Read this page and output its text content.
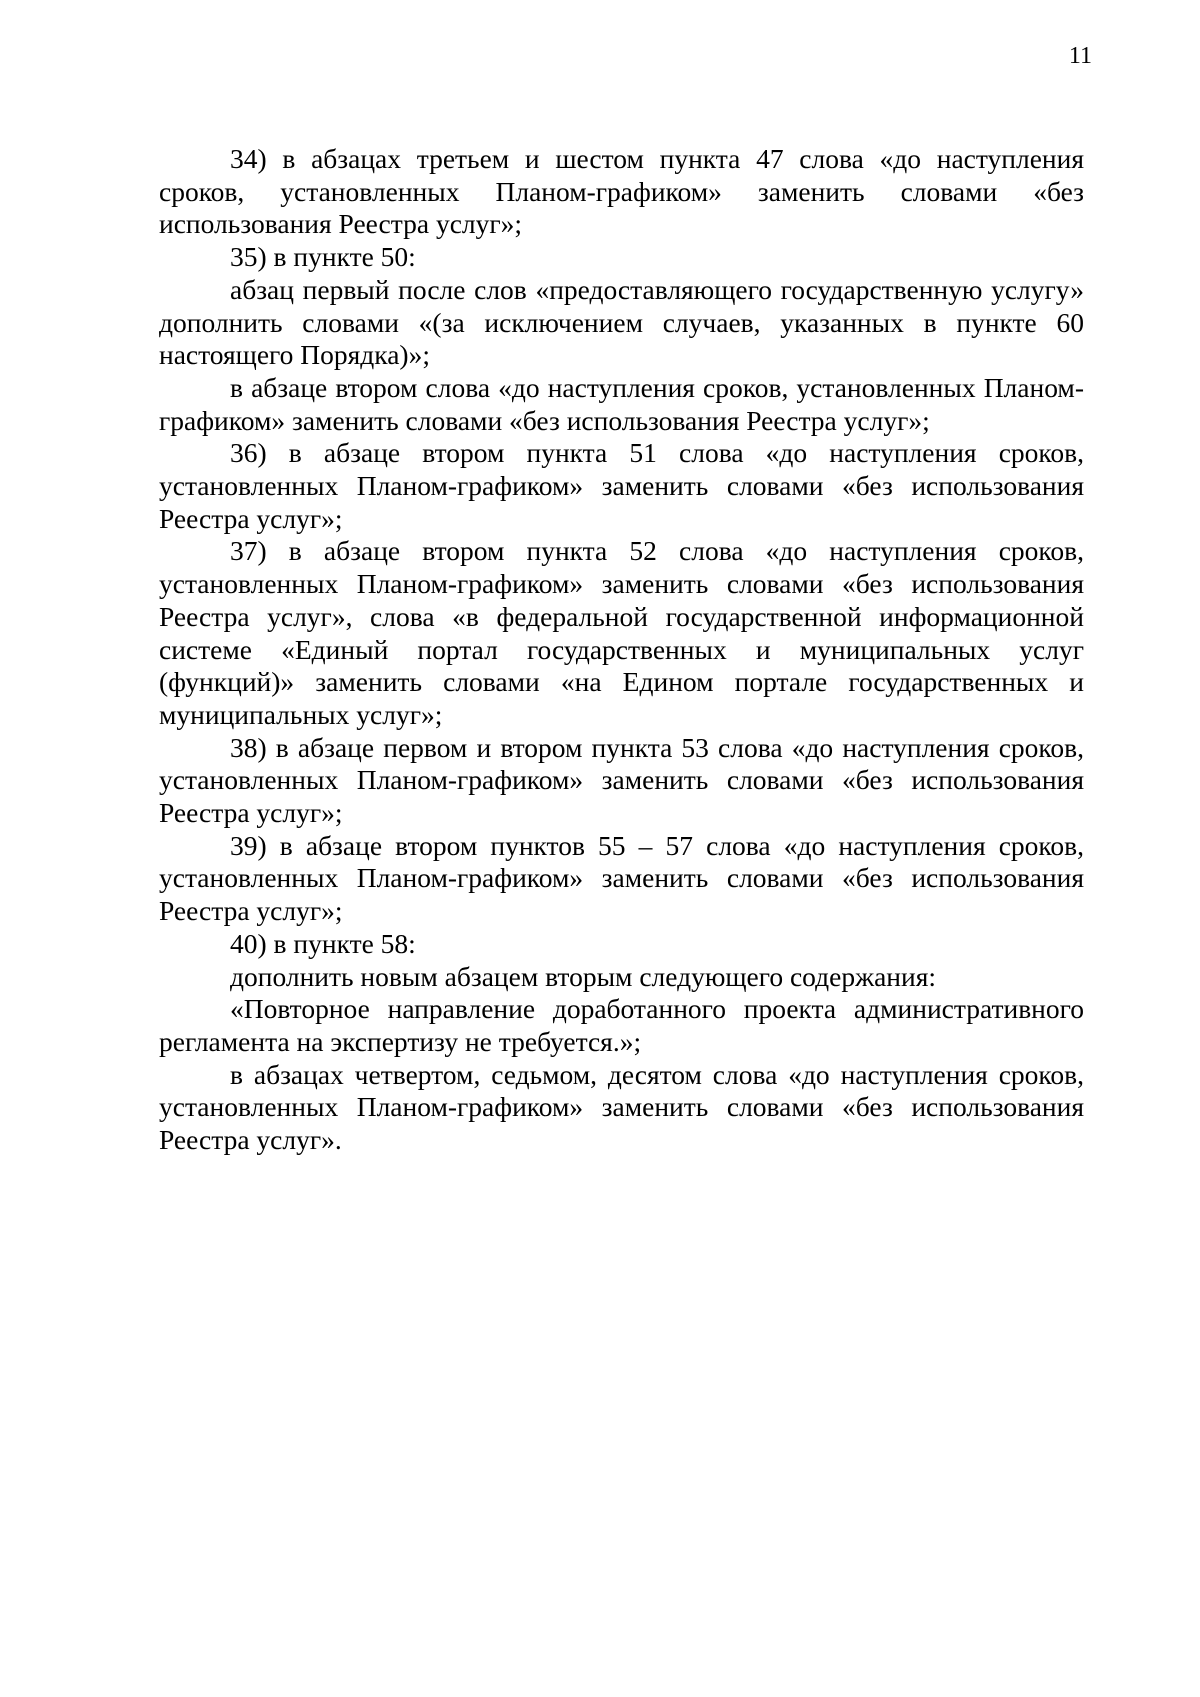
11

34) в абзацах третьем и шестом пункта 47 слова «до наступления сроков, установленных Планом-графиком» заменить словами «без использования Реестра услуг»;

35) в пункте 50:

абзац первый после слов «предоставляющего государственную услугу» дополнить словами «(за исключением случаев, указанных в пункте 60 настоящего Порядка)»;

в абзаце втором слова «до наступления сроков, установленных Планом-графиком» заменить словами «без использования Реестра услуг»;

36) в абзаце втором пункта 51 слова «до наступления сроков, установленных Планом-графиком» заменить словами «без использования Реестра услуг»;

37) в абзаце втором пункта 52 слова «до наступления сроков, установленных Планом-графиком» заменить словами «без использования Реестра услуг», слова «в федеральной государственной информационной системе «Единый портал государственных и муниципальных услуг (функций)» заменить словами «на Едином портале государственных и муниципальных услуг»;

38) в абзаце первом и втором пункта 53 слова «до наступления сроков, установленных Планом-графиком» заменить словами «без использования Реестра услуг»;

39) в абзаце втором пунктов 55 – 57 слова «до наступления сроков, установленных Планом-графиком» заменить словами «без использования Реестра услуг»;

40) в пункте 58:

дополнить новым абзацем вторым следующего содержания:

«Повторное направление доработанного проекта административного регламента на экспертизу не требуется.»;

в абзацах четвертом, седьмом, десятом слова «до наступления сроков, установленных Планом-графиком» заменить словами «без использования Реестра услуг».
